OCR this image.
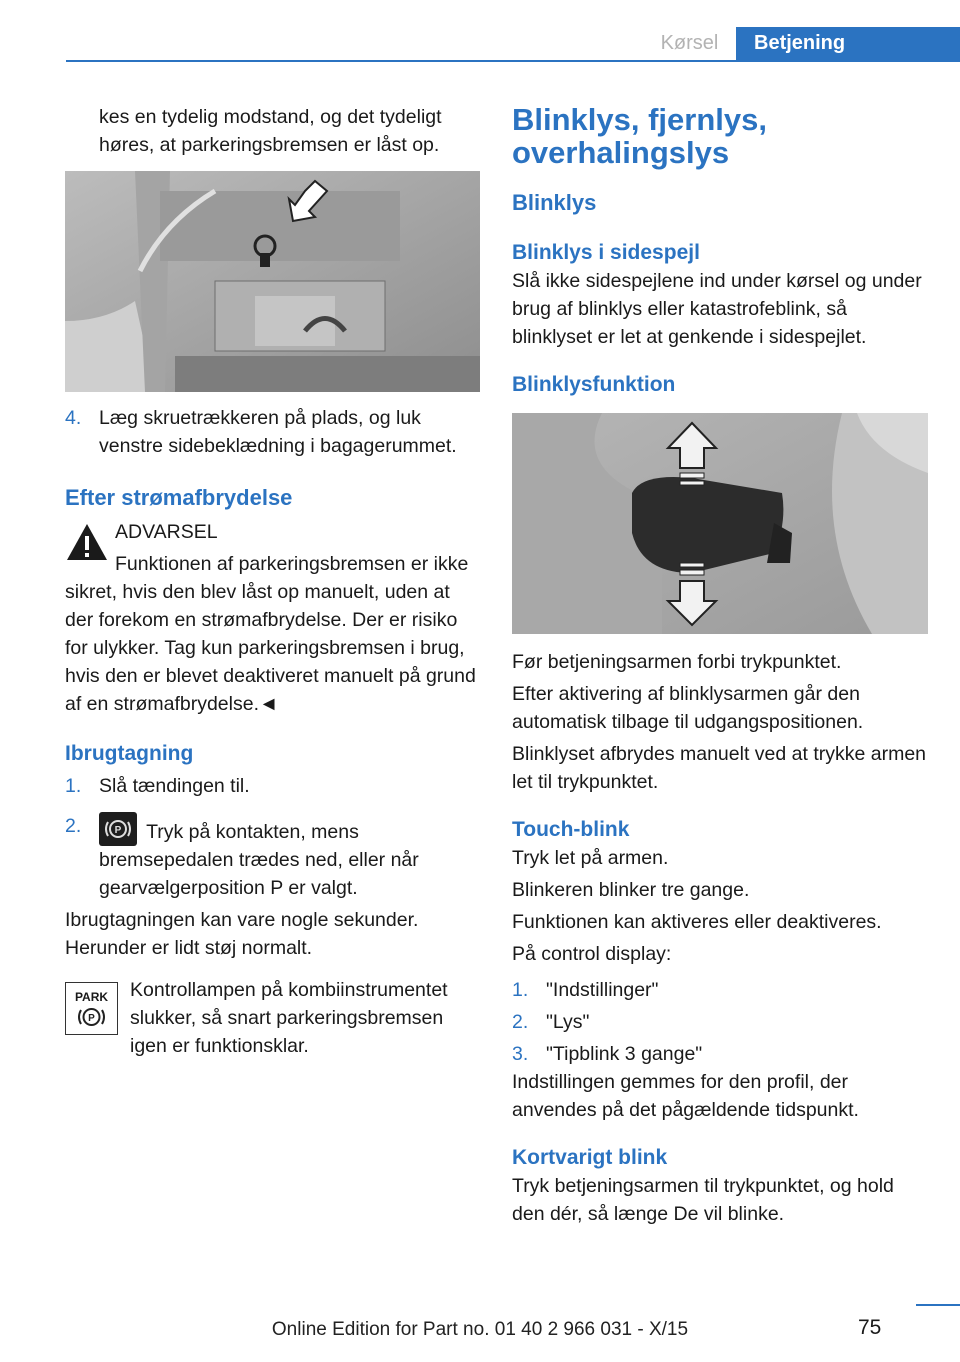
Kørsel	Betjening

kes en tydelig modstand, og det tydeligt høres, at parkeringsbremsen er låst op.

4. Læg skruetrækkeren på plads, og luk venstre sidebeklædning i bagagerummet.

Efter strømafbrydelse

ADVARSEL

Funktionen af parkeringsbremsen er ikke

sikret, hvis den blev låst op manuelt, uden at der forekom en strømafbrydelse. Der er risiko for ulykker. Tag kun parkeringsbremsen i brug, hvis den er blevet deaktiveret manuelt på grund af en strømafbrydelse.◄

Ibrugtagning

1. Slå tændingen til.
2.	P Tryk på kontakten, mens bremsepedalen trædes ned, eller når gearvælgerposition P er valgt.

Ibrugtagningen kan vare nogle sekunder. Herunder er lidt støj normalt.

PARK
P

Kontrollampen på kombiinstrumentet slukker, så snart parkeringsbremsen igen er funktionsklar.

Blinklys, fjernlys, overhalingslys

Blinklys

Blinklys i sidespejl

Slå ikke sidespejlene ind under kørsel og under brug af blinklys eller katastrofeblink, så blinklyset er let at genkende i sidespejlet.

Blinklysfunktion

Før betjeningsarmen forbi trykpunktet.

Efter aktivering af blinklysarmen går den automatisk tilbage til udgangspositionen.

Blinklyset afbrydes manuelt ved at trykke armen let til trykpunktet.

Touch-blink

Tryk let på armen.

Blinkeren blinker tre gange.

Funktionen kan aktiveres eller deaktiveres.

På control display:

1. "Indstillinger"
2. "Lys"
3. "Tipblink 3 gange"

Indstillingen gemmes for den profil, der anvendes på det pågældende tidspunkt.

Kortvarigt blink

Tryk betjeningsarmen til trykpunktet, og hold den dér, så længe De vil blinke.

75
Online Edition for Part no. 01 40 2 966 031 - X/15
